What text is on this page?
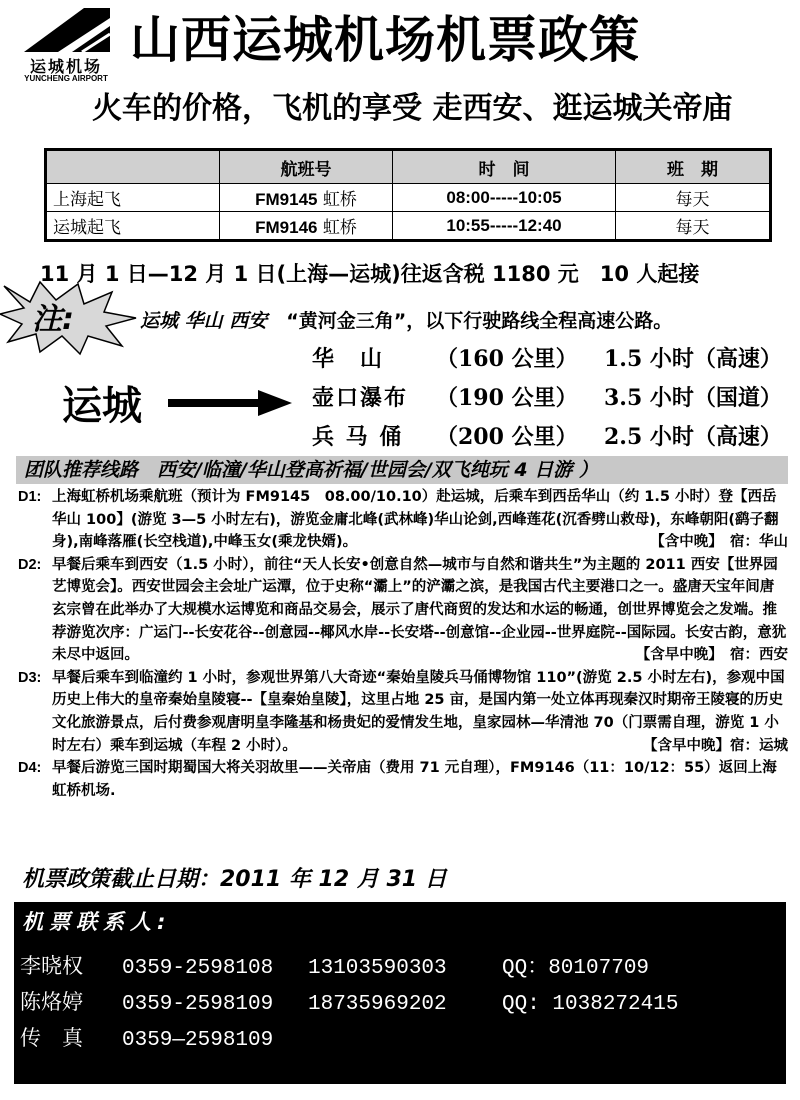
运城机场
YUNCHENG AIRPORT
山西运城机场机票政策
火车的价格，飞机的享受 走西安、逛运城关帝庙
	航班号	时　间	班　期
上海起飞	FM9145 虹桥	08:00-----10:05	每天
运城起飞	FM9146 虹桥	10:55-----12:40	每天
11 月 1 日—12 月 1 日(上海—运城)往返含税 1180 元　10 人起接
注:	运城 华山 西安　 “黄河金三角”，以下行驶路线全程高速公路。
运城
华　山 （160 公里） 1.5 小时（高速）
壶口瀑布 （190 公里） 3.5 小时（国道）
兵 马 俑 （200 公里） 2.5 小时（高速）
团队推荐线路　西安/临潼/华山登高祈福/世园会/双飞纯玩 4 日游 ）
D1: 上海虹桥机场乘航班（预计为 FM9145　08.00/10.10）赴运城，后乘车到西岳华山（约 1.5 小时）登【西岳华山 100】(游览 3—5 小时左右)，游览金庸北峰(武林峰)华山论剑,西峰莲花(沉香劈山救母)，东峰朝阳(鹞子翻身),南峰落雁(长空栈道),中峰玉女(乘龙快婿)。	【含中晚】　宿：华山
D2: 早餐后乘车到西安（1.5 小时），前往“天人长安•创意自然—城市与自然和谐共生”为主题的 2011 西安【世界园艺博览会】。西安世园会主会址广运潭，位于史称“灞上”的浐灞之滨，是我国古代主要港口之一。盛唐天宝年间唐玄宗曾在此举办了大规模水运博览和商品交易会，展示了唐代商贸的发达和水运的畅通，创世界博览会之发端。推荐游览次序：广运门--长安花谷--创意园--椰风水岸--长安塔--创意馆--企业园--世界庭院--国际园。长安古韵，意犹未尽中返回。	【含早中晚】　宿：西安
D3: 早餐后乘车到临潼约 1 小时，参观世界第八大奇迹“秦始皇陵兵马俑博物馆 110”(游览 2.5 小时左右)，参观中国历史上伟大的皇帝秦始皇陵寝--【皇秦始皇陵】，这里占地 25 亩，是国内第一处立体再现秦汉时期帝王陵寝的历史文化旅游景点，后付费参观唐明皇李隆基和杨贵妃的爱情发生地，皇家园林—华清池 70（门票需自理，游览 1 小时左右）乘车到运城（车程 2 小时）。	【含早中晚】宿：运城
D4: 早餐后游览三国时期蜀国大将关羽故里——关帝庙（费用 71 元自理），FM9146（11：10/12：55）返回上海虹桥机场.
机票政策截止日期：2011 年 12 月 31 日
机票联系人:
李晓权 0359-2598108 13103590303	QQ：80107709
陈烙婷 0359-2598109 18735969202	QQ: 1038272415
传　真 0359—2598109
